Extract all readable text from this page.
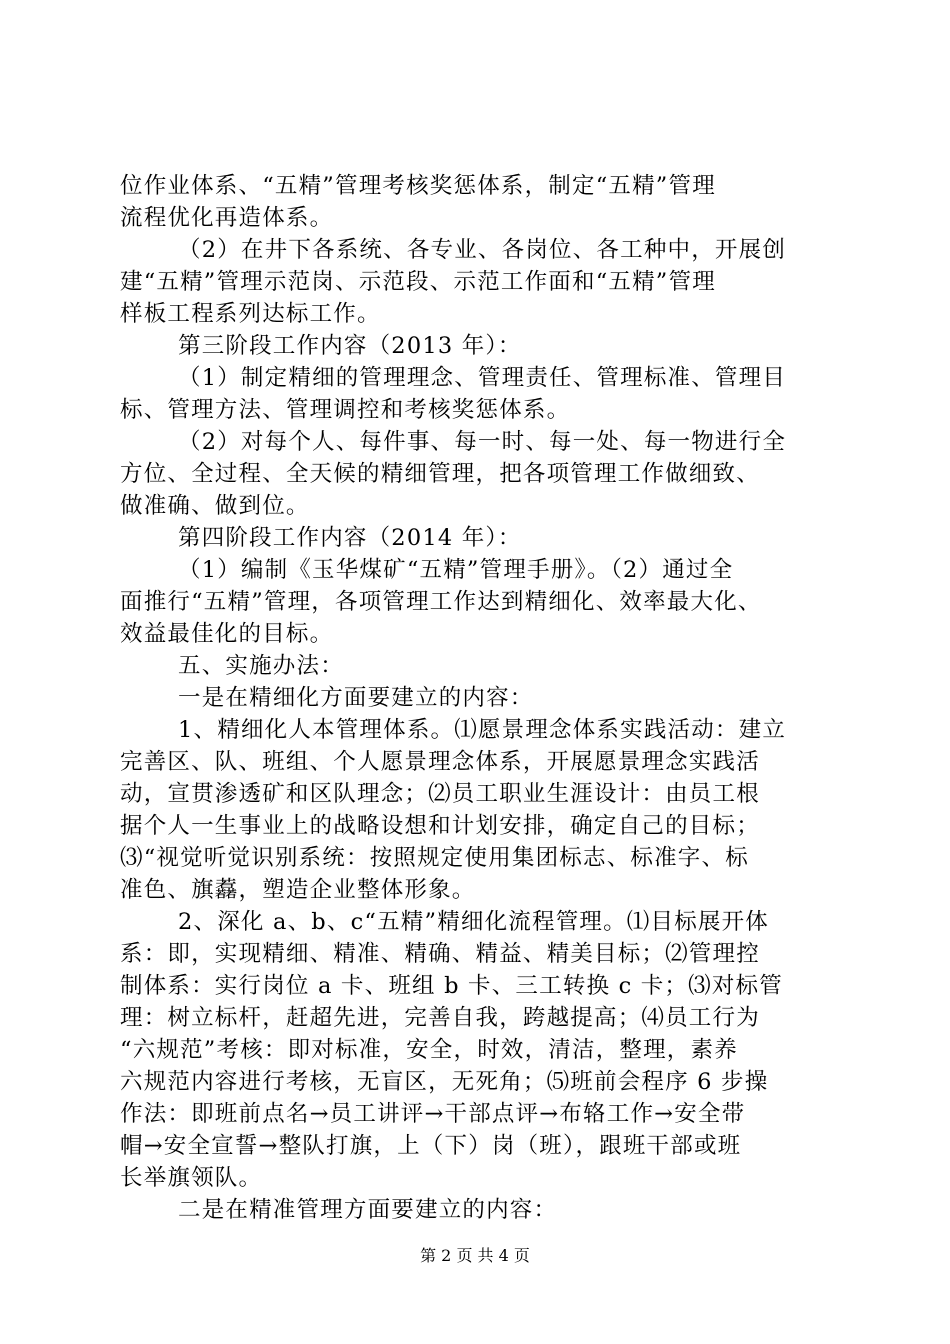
位作业体系、“五精”管理考核奖惩体系，制定“五精”管理
流程优化再造体系。
（2）在井下各系统、各专业、各岗位、各工种中，开展创
建“五精”管理示范岗、示范段、示范工作面和“五精”管理
样板工程系列达标工作。
第三阶段工作内容（2013 年）：
（1）制定精细的管理理念、管理责任、管理标准、管理目
标、管理方法、管理调控和考核奖惩体系。
（2）对每个人、每件事、每一时、每一处、每一物进行全
方位、全过程、全天候的精细管理，把各项管理工作做细致、
做准确、做到位。
第四阶段工作内容（2014 年）：
（1）编制《玉华煤矿“五精”管理手册》。（2）通过全
面推行“五精”管理，各项管理工作达到精细化、效率最大化、
效益最佳化的目标。
五、实施办法：
一是在精细化方面要建立的内容：
1、精细化人本管理体系。⑴愿景理念体系实践活动：建立
完善区、队、班组、个人愿景理念体系，开展愿景理念实践活
动，宣贯渗透矿和区队理念；⑵员工职业生涯设计：由员工根
据个人一生事业上的战略设想和计划安排，确定自己的目标；
⑶“视觉听觉识别系统：按照规定使用集团标志、标准字、标
准色、旗䖃，塑造企业整体形象。
2、深化 a、b、c“五精”精细化流程管理。⑴目标展开体
系：即，实现精细、精准、精确、精益、精美目标；⑵管理控
制体系：实行岗位 a 卡、班组 b 卡、三工转换 c 卡；⑶对标管
理：树立标杆，赶超先进，完善自我，跨越提高；⑷员工行为
“六规范”考核：即对标准，安全，时效，清洁，整理，素养
六规范内容进行考核，无盲区，无死角；⑸班前会程序 6 步操
作法：即班前点名→员工讲评→干部点评→布辂工作→安全带
帽→安全宣誓→整队打旗，上（下）岗（班），跟班干部或班
长举旗领队。
二是在精准管理方面要建立的内容：
第 2 页 共 4 页
